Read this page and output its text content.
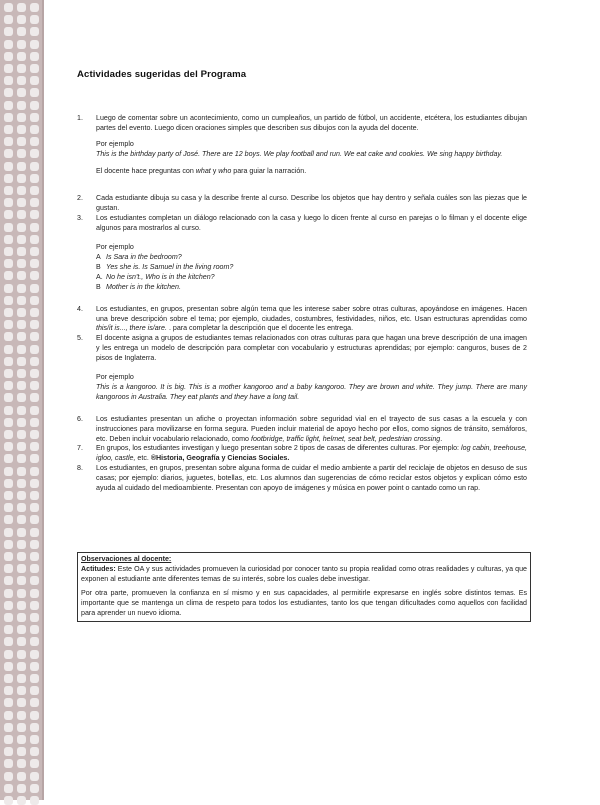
Actividades sugeridas del Programa
1. Luego de comentar sobre un acontecimiento, como un cumpleaños, un partido de fútbol, un accidente, etcétera, los estudiantes dibujan partes del evento. Luego dicen oraciones simples que describen sus dibujos con la ayuda del docente.
Por ejemplo
This is the birthday party of José. There are 12 boys. We play football and run. We eat cake and cookies. We sing happy birthday.
El docente hace preguntas con what y who para guiar la narración.
2. Cada estudiante dibuja su casa y la describe frente al curso. Describe los objetos que hay dentro y señala cuáles son las piezas que le gustan.
3. Los estudiantes completan un diálogo relacionado con la casa y luego lo dicen frente al curso en parejas o lo filman y el docente elige algunos para mostrarlos al curso.
Por ejemplo
A Is Sara in the bedroom?
B Yes she is. Is Samuel in the living room?
A. No he isn't., Who is in the kitchen?
B Mother is in the kitchen.
4. Los estudiantes, en grupos, presentan sobre algún tema que les interese saber sobre otras culturas, apoyándose en imágenes. Hacen una breve descripción sobre el tema; por ejemplo, ciudades, costumbres, festividades, niños, etc. Usan estructuras aprendidas como this/it is..., there is/are. . para completar la descripción que el docente les entrega.
5. El docente asigna a grupos de estudiantes temas relacionados con otras culturas para que hagan una breve descripción de una imagen y les entrega un modelo de descripción para completar con vocabulario y estructuras aprendidas; por ejemplo: canguros, buses de 2 pisos de Inglaterra.
Por ejemplo
This is a kangoroo. It is big. This is a mother kangoroo and a baby kangoroo. They are brown and white. They jump. There are many kangoroos in Australia. They eat plants and they have a long tail.
6. Los estudiantes presentan un afiche o proyectan información sobre seguridad vial en el trayecto de sus casas a la escuela y con instrucciones para movilizarse en forma segura. Pueden incluir material de apoyo hecho por ellos, como signos de tránsito, semáforos, etc. Deben incluir vocabulario relacionado, como footbridge, traffic light, helmet, seat belt, pedestrian crossing.
7. En grupos, los estudiantes investigan y luego presentan sobre 2 tipos de casas de diferentes culturas. Por ejemplo: log cabin, treehouse, igloo, castle, etc. ®Historia, Geografía y Ciencias Sociales.
8. Los estudiantes, en grupos, presentan sobre alguna forma de cuidar el medio ambiente a partir del reciclaje de objetos en desuso de sus casas; por ejemplo: diarios, juguetes, botellas, etc. Los alumnos dan sugerencias de cómo reciclar estos objetos y explican cómo esto ayuda al cuidado del medioambiente. Presentan con apoyo de imágenes y música en power point o cantado como un rap.
Observaciones al docente:
Actitudes: Este OA y sus actividades promueven la curiosidad por conocer tanto su propia realidad como otras realidades y culturas, ya que exponen al estudiante ante diferentes temas de su interés, sobre los cuales debe investigar.
Por otra parte, promueven la confianza en sí mismo y en sus capacidades, al permitirle expresarse en inglés sobre distintos temas. Es importante que se mantenga un clima de respeto para todos los estudiantes, tanto los que tengan dificultades como aquellos con facilidad para aprender un nuevo idioma.
